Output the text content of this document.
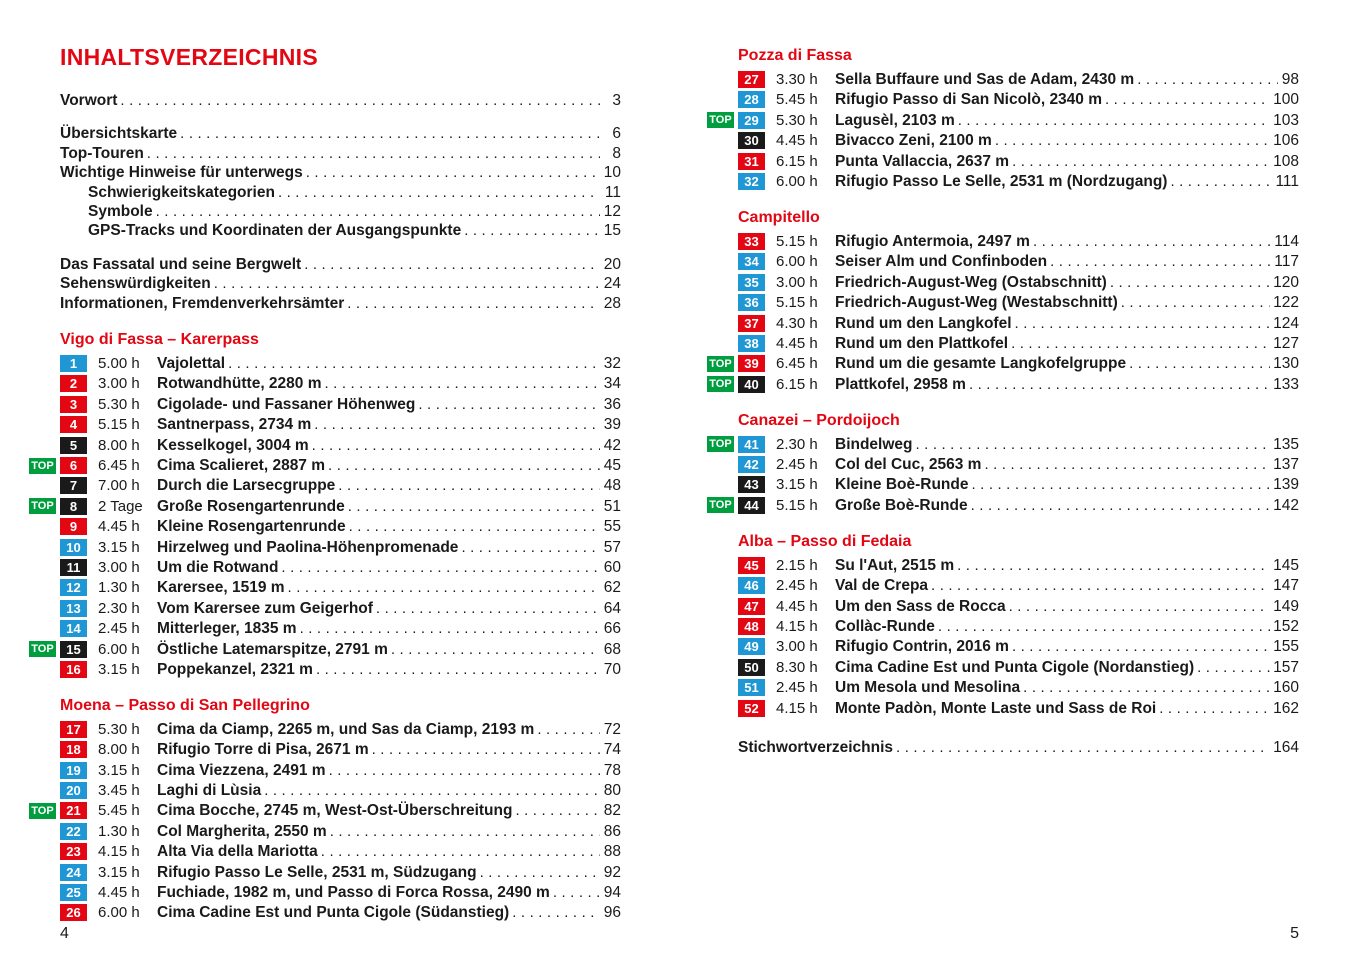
INHALTSVERZEICHNIS
Vorwort .....	3
Übersichtskarte .....	6
Top-Touren .....	8
Wichtige Hinweise für unterwegs .....	10
Schwierigkeitskategorien .....	11
Symbole .....	12
GPS-Tracks und Koordinaten der Ausgangspunkte .....	15
Das Fassatal und seine Bergwelt .....	20
Sehenswürdigkeiten .....	24
Informationen, Fremdenverkehrsämter .....	28
Vigo di Fassa – Karerpass
1	5.00 h	Vajolettal .....	32
2	3.00 h	Rotwandhütte, 2280 m .....	34
3	5.30 h	Cigolade- und Fassaner Höhenweg .....	36
4	5.15 h	Santnerpass, 2734 m .....	39
5	8.00 h	Kesselkogel, 3004 m .....	42
TOP	6	6.45 h	Cima Scalieret, 2887 m .....	45
7	7.00 h	Durch die Larsecgruppe .....	48
TOP	8	2 Tage Große Rosengartenrunde .....	51
9	4.45 h	Kleine Rosengartenrunde .....	55
10	3.15 h	Hirzelweg und Paolina-Höhenpromenade .....	57
11	3.00 h	Um die Rotwand .....	60
12	1.30 h	Karersee, 1519 m .....	62
13	2.30 h	Vom Karersee zum Geigerhof .....	64
14	2.45 h	Mitterleger, 1835 m .....	66
TOP 15	6.00 h	Östliche Latemarspitze, 2791 m .....	68
16	3.15 h	Poppekanzel, 2321 m .....	70
Moena – Passo di San Pellegrino
17	5.30 h	Cima da Ciamp, 2265 m, und Sas da Ciamp, 2193 m .....	72
18	8.00 h	Rifugio Torre di Pisa, 2671 m .....	74
19	3.15 h	Cima Viezzena, 2491 m .....	78
20	3.45 h	Laghi di Lùsia .....	80
TOP 21	5.45 h	Cima Bocche, 2745 m, West-Ost-Überschreitung .....	82
22	1.30 h	Col Margherita, 2550 m .....	86
23	4.15 h	Alta Via della Mariotta .....	88
24	3.15 h	Rifugio Passo Le Selle, 2531 m, Südzugang .....	92
25	4.45 h	Fuchiade, 1982 m, und Passo di Forca Rossa, 2490 m .....	94
26	6.00 h	Cima Cadine Est und Punta Cigole (Südanstieg) .....	96
Pozza di Fassa
27	3.30 h	Sella Buffaure und Sas de Adam, 2430 m .....	98
28	5.45 h	Rifugio Passo di San Nicolò, 2340 m .....	100
TOP 29	5.30 h	Lagusèl, 2103 m .....	103
30	4.45 h	Bivacco Zeni, 2100 m .....	106
31	6.15 h	Punta Vallaccia, 2637 m .....	108
32	6.00 h	Rifugio Passo Le Selle, 2531 m (Nordzugang) .....	111
Campitello
33	5.15 h	Rifugio Antermoia, 2497 m .....	114
34	6.00 h	Seiser Alm und Confinboden .....	117
35	3.00 h	Friedrich-August-Weg (Ostabschnitt) .....	120
36	5.15 h	Friedrich-August-Weg (Westabschnitt) .....	122
37	4.30 h	Rund um den Langkofel .....	124
38	4.45 h	Rund um den Plattkofel .....	127
TOP 39	6.45 h	Rund um die gesamte Langkofelgruppe .....	130
TOP 40	6.15 h	Plattkofel, 2958 m .....	133
Canazei – Pordoijoch
TOP 41	2.30 h	Bindelweg .....	135
42	2.45 h	Col del Cuc, 2563 m .....	137
43	3.15 h	Kleine Boè-Runde .....	139
TOP 44	5.15 h	Große Boè-Runde .....	142
Alba – Passo di Fedaia
45	2.15 h	Su l'Aut, 2515 m .....	145
46	2.45 h	Val de Crepa .....	147
47	4.45 h	Um den Sass de Rocca .....	149
48	4.15 h	Collàc-Runde .....	152
49	3.00 h	Rifugio Contrin, 2016 m .....	155
50	8.30 h	Cima Cadine Est und Punta Cigole (Nordanstieg) .....	157
51	2.45 h	Um Mesola und Mesolina .....	160
52	4.15 h	Monte Padòn, Monte Laste und Sass de Roi .....	162
Stichwortverzeichnis .....	164
4	5
